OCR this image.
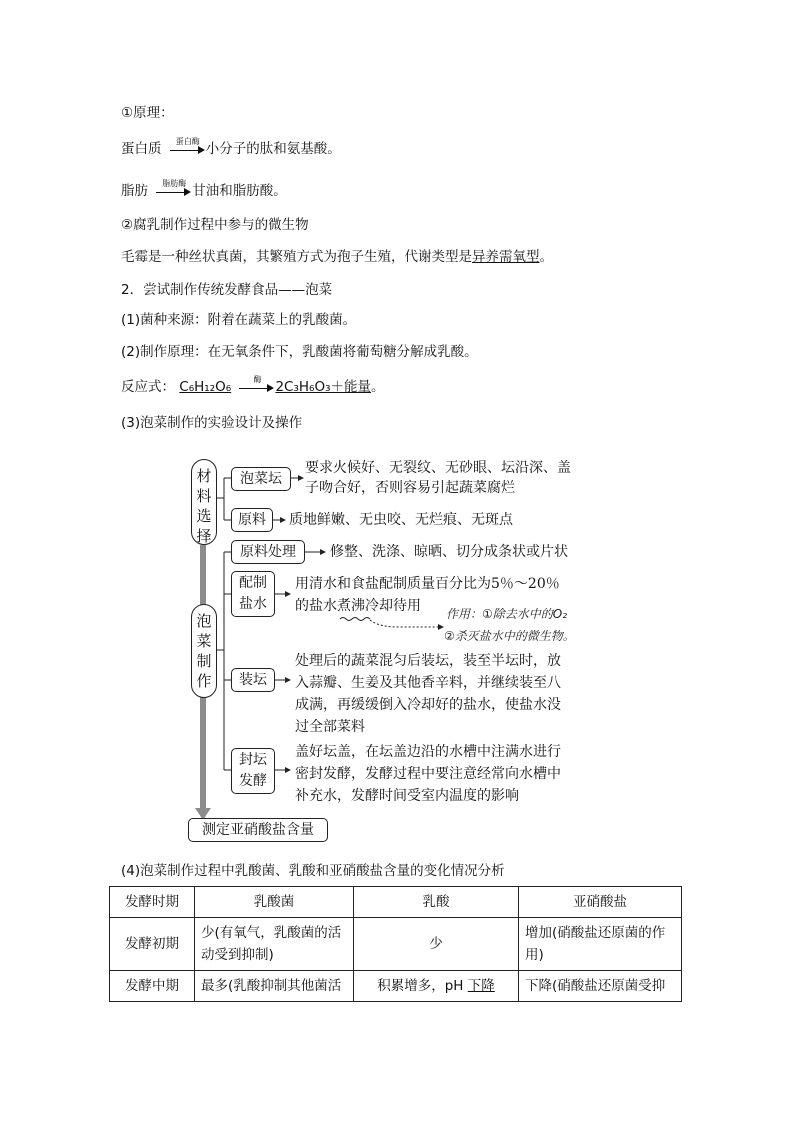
①原理：
蛋白质	蛋白酶 小分子的肽和氨基酸。
脂肪	脂肪酶 甘油和脂肪酸。
②腐乳制作过程中参与的微生物
毛霉是一种丝状真菌，其繁殖方式为孢子生殖，代谢类型是异养需氧型。
2．尝试制作传统发酵食品——泡菜
(1)菌种来源：附着在蔬菜上的乳酸菌。
(2)制作原理：在无氧条件下，乳酸菌将葡萄糖分解成乳酸。
反应式： C₆H₁₂O₆	酶	2C₃H₆O₃＋能量。
(3)泡菜制作的实验设计及操作
材料选择
泡菜坛
要求火候好、无裂纹、无砂眼、坛沿深、盖
子吻合好，否则容易引起蔬菜腐烂
原料	质地鲜嫩、无虫咬、无烂痕、无斑点
原料处理	修整、洗涤、晾晒、切分成条状或片状
泡菜制作
配制
盐水
用清水和食盐配制质量百分比为5％～20％
的盐水煮沸冷却待用 作用：①除去水中的O₂
②杀灭盐水中的微生物。
装坛
处理后的蔬菜混匀后装坛，装至半坛时，放
入蒜瓣、生姜及其他香辛料，并继续装至八
成满，再缓缓倒入冷却好的盐水，使盐水没
过全部菜料
封坛
发酵
盖好坛盖，在坛盖边沿的水槽中注满水进行
密封发酵，发酵过程中要注意经常向水槽中
补充水，发酵时间受室内温度的影响
测定亚硝酸盐含量
(4)泡菜制作过程中乳酸菌、乳酸和亚硝酸盐含量的变化情况分析
发酵时期	乳酸菌	乳酸	亚硝酸盐
发酵初期	少(有氧气，乳酸菌的活动受到抑制)	少	增加(硝酸盐还原菌的作用)
发酵中期	最多(乳酸抑制其他菌活	积累增多，pH 下降	下降(硝酸盐还原菌受抑
